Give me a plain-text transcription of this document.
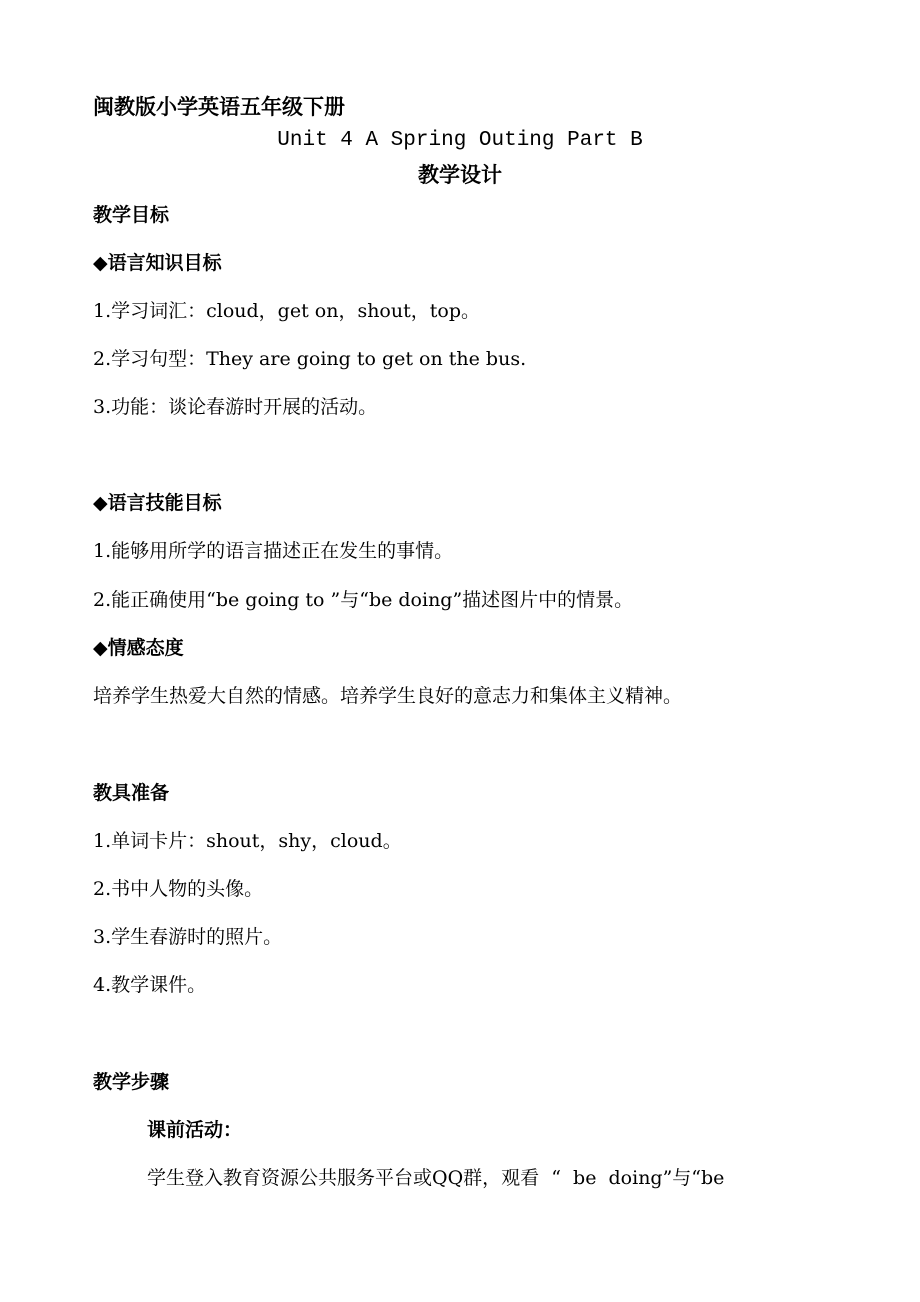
闽教版小学英语五年级下册
Unit 4 A Spring Outing Part B
教学设计
教学目标
◆语言知识目标
1.学习词汇：cloud，get on，shout，top。
2.学习句型：They are going to get on the bus.
3.功能：谈论春游时开展的活动。
◆语言技能目标
1.能够用所学的语言描述正在发生的事情。
2.能正确使用“be going to ”与“be doing”描述图片中的情景。
◆情感态度
培养学生热爱大自然的情感。培养学生良好的意志力和集体主义精神。
教具准备
1.单词卡片：shout，shy，cloud。
2.书中人物的头像。
3.学生春游时的照片。
4.教学课件。
教学步骤
课前活动：
学生登入教育资源公共服务平台或QQ群，观看  “  be  doing”与“be
